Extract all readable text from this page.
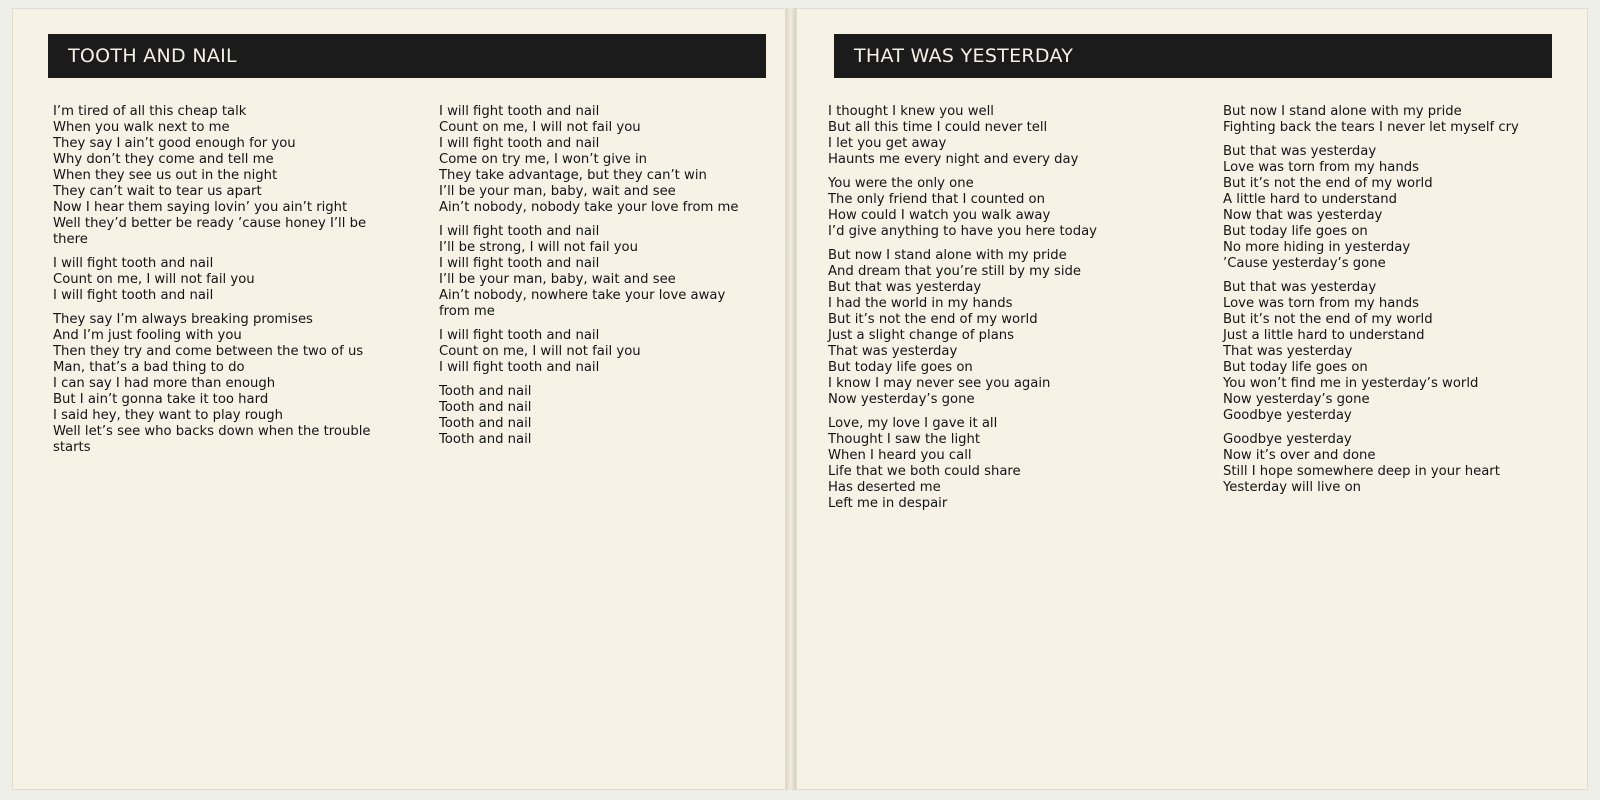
TOOTH AND NAIL
I’m tired of all this cheap talk
When you walk next to me
They say I ain’t good enough for you
Why don’t they come and tell me
When they see us out in the night
They can’t wait to tear us apart
Now I hear them saying lovin’ you ain’t right
Well they’d better be ready ’cause honey I’ll be there
I will fight tooth and nail
Count on me, I will not fail you
I will fight tooth and nail
They say I’m always breaking promises
And I’m just fooling with you
Then they try and come between the two of us
Man, that’s a bad thing to do
I can say I had more than enough
But I ain’t gonna take it too hard
I said hey, they want to play rough
Well let’s see who backs down when the trouble starts
I will fight tooth and nail
Count on me, I will not fail you
I will fight tooth and nail
Come on try me, I won’t give in
They take advantage, but they can’t win
I’ll be your man, baby, wait and see
Ain’t nobody, nobody take your love from me
I will fight tooth and nail
I’ll be strong, I will not fail you
I will fight tooth and nail
I’ll be your man, baby, wait and see
Ain’t nobody, nowhere take your love away from me
I will fight tooth and nail
Count on me, I will not fail you
I will fight tooth and nail
Tooth and nail
Tooth and nail
Tooth and nail
Tooth and nail
THAT WAS YESTERDAY
I thought I knew you well
But all this time I could never tell
I let you get away
Haunts me every night and every day
You were the only one
The only friend that I counted on
How could I watch you walk away
I’d give anything to have you here today
But now I stand alone with my pride
And dream that you’re still by my side
But that was yesterday
I had the world in my hands
But it’s not the end of my world
Just a slight change of plans
That was yesterday
But today life goes on
I know I may never see you again
Now yesterday’s gone
Love, my love I gave it all
Thought I saw the light
When I heard you call
Life that we both could share
Has deserted me
Left me in despair
But now I stand alone with my pride
Fighting back the tears I never let myself cry
But that was yesterday
Love was torn from my hands
But it’s not the end of my world
A little hard to understand
Now that was yesterday
But today life goes on
No more hiding in yesterday
’Cause yesterday’s gone
But that was yesterday
Love was torn from my hands
But it’s not the end of my world
Just a little hard to understand
That was yesterday
But today life goes on
You won’t find me in yesterday’s world
Now yesterday’s gone
Goodbye yesterday
Goodbye yesterday
Now it’s over and done
Still I hope somewhere deep in your heart
Yesterday will live on
